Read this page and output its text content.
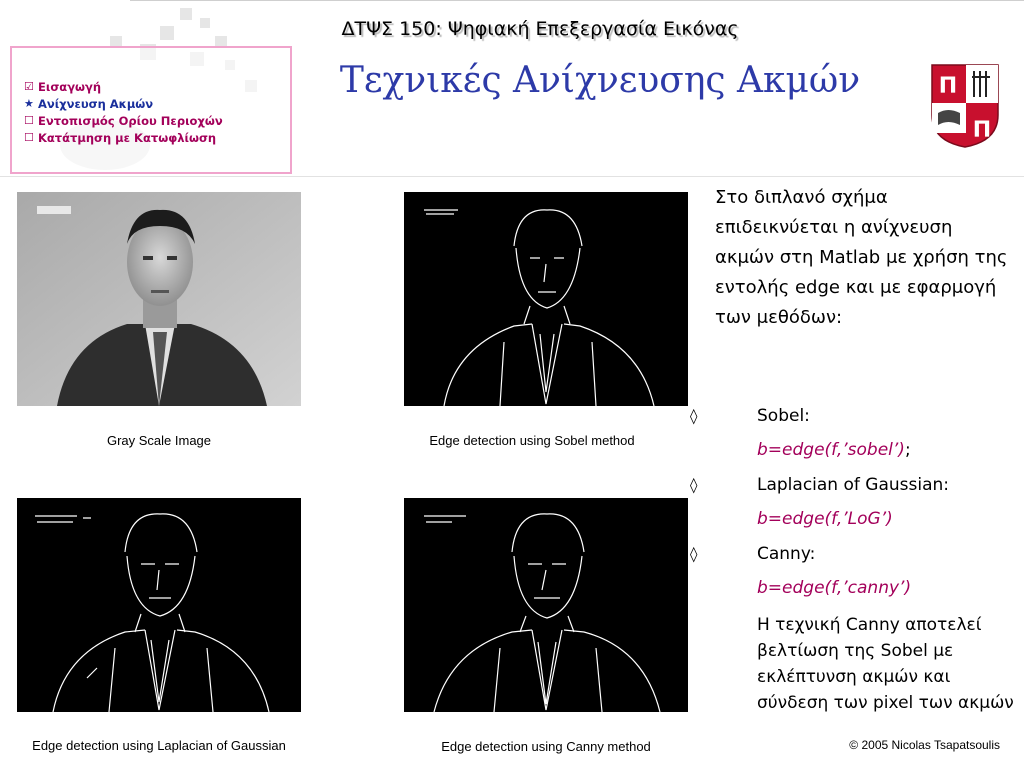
ΔΤΨΣ 150: Ψηφιακή Επεξεργασία Εικόνας
☑ Εισαγωγή
★ Ανίχνευση Ακμών
☐ Εντοπισμός Ορίου Περιοχών
☐ Κατάτμηση με Κατωφλίωση
Τεχνικές Ανίχνευσης Ακμών	Π
Π
Gray Scale Image	Edge detection using Sobel method
Edge detection using Laplacian of Gaussian	Edge detection using Canny method
Στο διπλανό σχήμα επιδεικνύεται η ανίχνευση ακμών στη Matlab με χρήση της εντολής edge και με εφαρμογή των μεθόδων:
◊	Sobel:
b=edge(f,’sobel’);
◊	Laplacian of Gaussian:
b=edge(f,’LoG’)
◊	Canny:
b=edge(f,’canny’)
Η τεχνική Canny αποτελεί βελτίωση της Sobel με εκλέπτυνση ακμών και σύνδεση των pixel των ακμών
© 2005 Nicolas Tsapatsoulis
